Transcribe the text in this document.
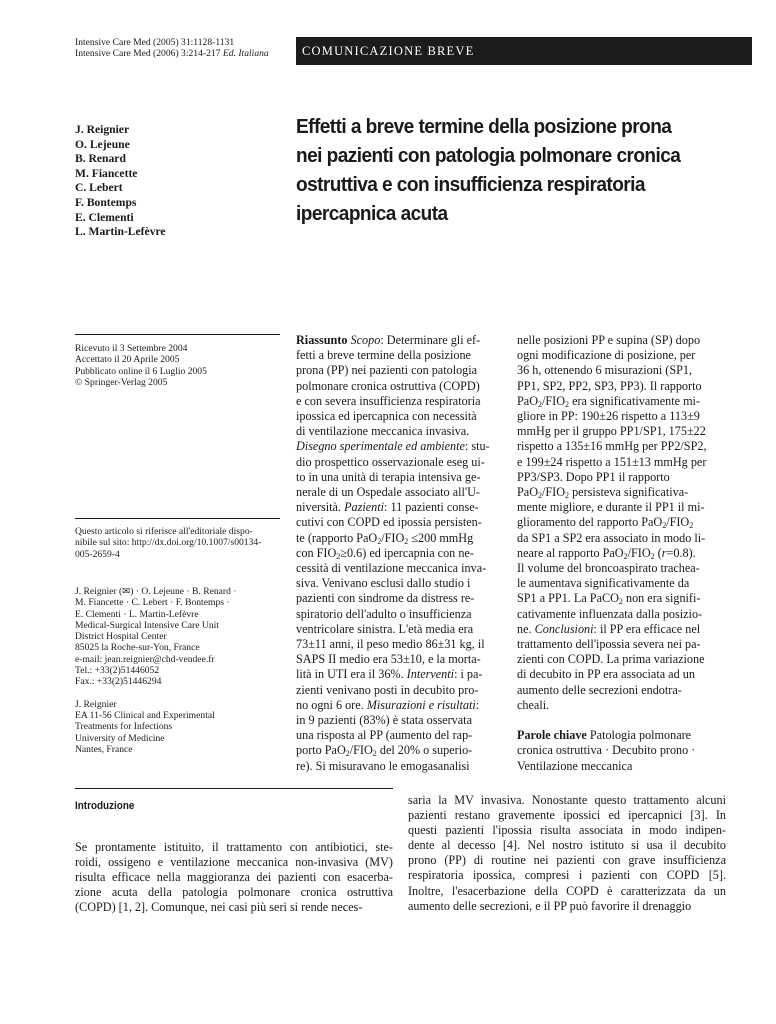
Intensive Care Med (2005) 31:1128-1131
Intensive Care Med (2006) 3:214-217 Ed. Italiana	COMUNICAZIONE BREVE
J. Reignier
O. Lejeune
B. Renard
M. Fiancette
C. Lebert
F. Bontemps
E. Clementi
L. Martin-Lefèvre
Effetti a breve termine della posizione prona
nei pazienti con patologia polmonare cronica
ostruttiva e con insufficienza respiratoria
ipercapnica acuta
Ricevuto il 3 Settembre 2004
Accettato il 20 Aprile 2005
Pubblicato online il 6 Luglio 2005
© Springer-Verlag 2005
Questo articolo si riferisce all'editoriale dispo-
nibile sul sito: http://dx.doi.org/10.1007/s00134-
005-2659-4
J. Reignier (✉) · O. Lejeune · B. Renard ·
M. Fiancette · C. Lebert · F. Bontemps ·
E. Clementi · L. Martin-Lefèvre
Medical-Surgical Intensive Care Unit
District Hospital Center
85025 la Roche-sur-Yon, France
e-mail: jean.reignier@chd-vendee.fr
Tel.: +33(2)51446052
Fax.: +33(2)51446294
J. Reignier
EA 11-56 Clinical and Experimental
Treatments for Infections
University of Medicine
Nantes, France
Riassunto Scopo: Determinare gli ef-
fetti a breve termine della posizione
prona (PP) nei pazienti con patologia
polmonare cronica ostruttiva (COPD)
e con severa insufficienza respiratoria
ipossica ed ipercapnica con necessità
di ventilazione meccanica invasiva.
Disegno sperimentale ed ambiente: stu-
dio prospettico osservazionale eseg ui-
to in una unità di terapia intensiva ge-
nerale di un Ospedale associato all'U-
niversità. Pazienti: 11 pazienti conse-
cutivi con COPD ed ipossia persisten-
te (rapporto $PaO_2/FIO_2 \le 200$ mmHg
con $FIO_2\ge 0.6$) ed ipercapnia con ne-
cessità di ventilazione meccanica inva-
siva. Venivano esclusi dallo studio i
pazienti con sindrome da distress re-
spiratorio dell'adulto o insufficienza
ventricolare sinistra. L'età media era
73±11 anni, il peso medio 86±31 kg, il
SAPS II medio era 53±10, e la morta-
lità in UTI era il 36%. Interventi: i pa-
zienti venivano posti in decubito pro-
no ogni 6 ore. Misurazioni e risultati:
in 9 pazienti (83%) è stata osservata
una risposta al PP (aumento del rap-
porto $PaO_2/FIO_2$ del 20% o superio-
re). Si misuravano le emogasanalisi
nelle posizioni PP e supina (SP) dopo
ogni modificazione di posizione, per
36 h, ottenendo 6 misurazioni (SP1,
PP1, SP2, PP2, SP3, PP3). Il rapporto
$PaO_2/FIO_2$ era significativamente mi-
gliore in PP: 190±26 rispetto a 113±9
mmHg per il gruppo PP1/SP1, 175±22
rispetto a 135±16 mmHg per PP2/SP2,
e 199±24 rispetto a 151±13 mmHg per
PP3/SP3. Dopo PP1 il rapporto
$PaO_2/FIO_2$ persisteva significativa-
mente migliore, e durante il PP1 il mi-
glioramento del rapporto $PaO_2/FIO_2$
da SP1 a SP2 era associato in modo li-
neare al rapporto $PaO_2/FIO_2$ (r=0.8).
Il volume del broncoaspirato trachea-
le aumentava significativamente da
SP1 a PP1. La PaCO$_2$ non era signifi-
cativamente influenzata dalla posizio-
ne. Conclusioni: il PP era efficace nel
trattamento dell'ipossia severa nei pa-
zienti con COPD. La prima variazione
di decubito in PP era associata ad un
aumento delle secrezioni endotra-
cheali.

Parole chiave Patologia polmonare
cronica ostruttiva · Decubito prono ·
Ventilazione meccanica
Introduzione
Se prontamente istituito, il trattamento con antibiotici, ste-
roidi, ossigeno e ventilazione meccanica non-invasiva (MV)
risulta efficace nella maggioranza dei pazienti con esacerba-
zione acuta della patologia polmonare cronica ostruttiva
(COPD) [1, 2]. Comunque, nei casi più seri si rende neces-
saria la MV invasiva. Nonostante questo trattamento alcuni
pazienti restano gravemente ipossici ed ipercapnici [3]. In
questi pazienti l'ipossia risulta associata in modo indipen-
dente al decesso [4]. Nel nostro istituto si usa il decubito
prono (PP) di routine nei pazienti con grave insufficienza
respiratoria ipossica, compresi i pazienti con COPD [5].
Inoltre, l'esacerbazione della COPD è caratterizzata da un
aumento delle secrezioni, e il PP può favorire il drenaggio
